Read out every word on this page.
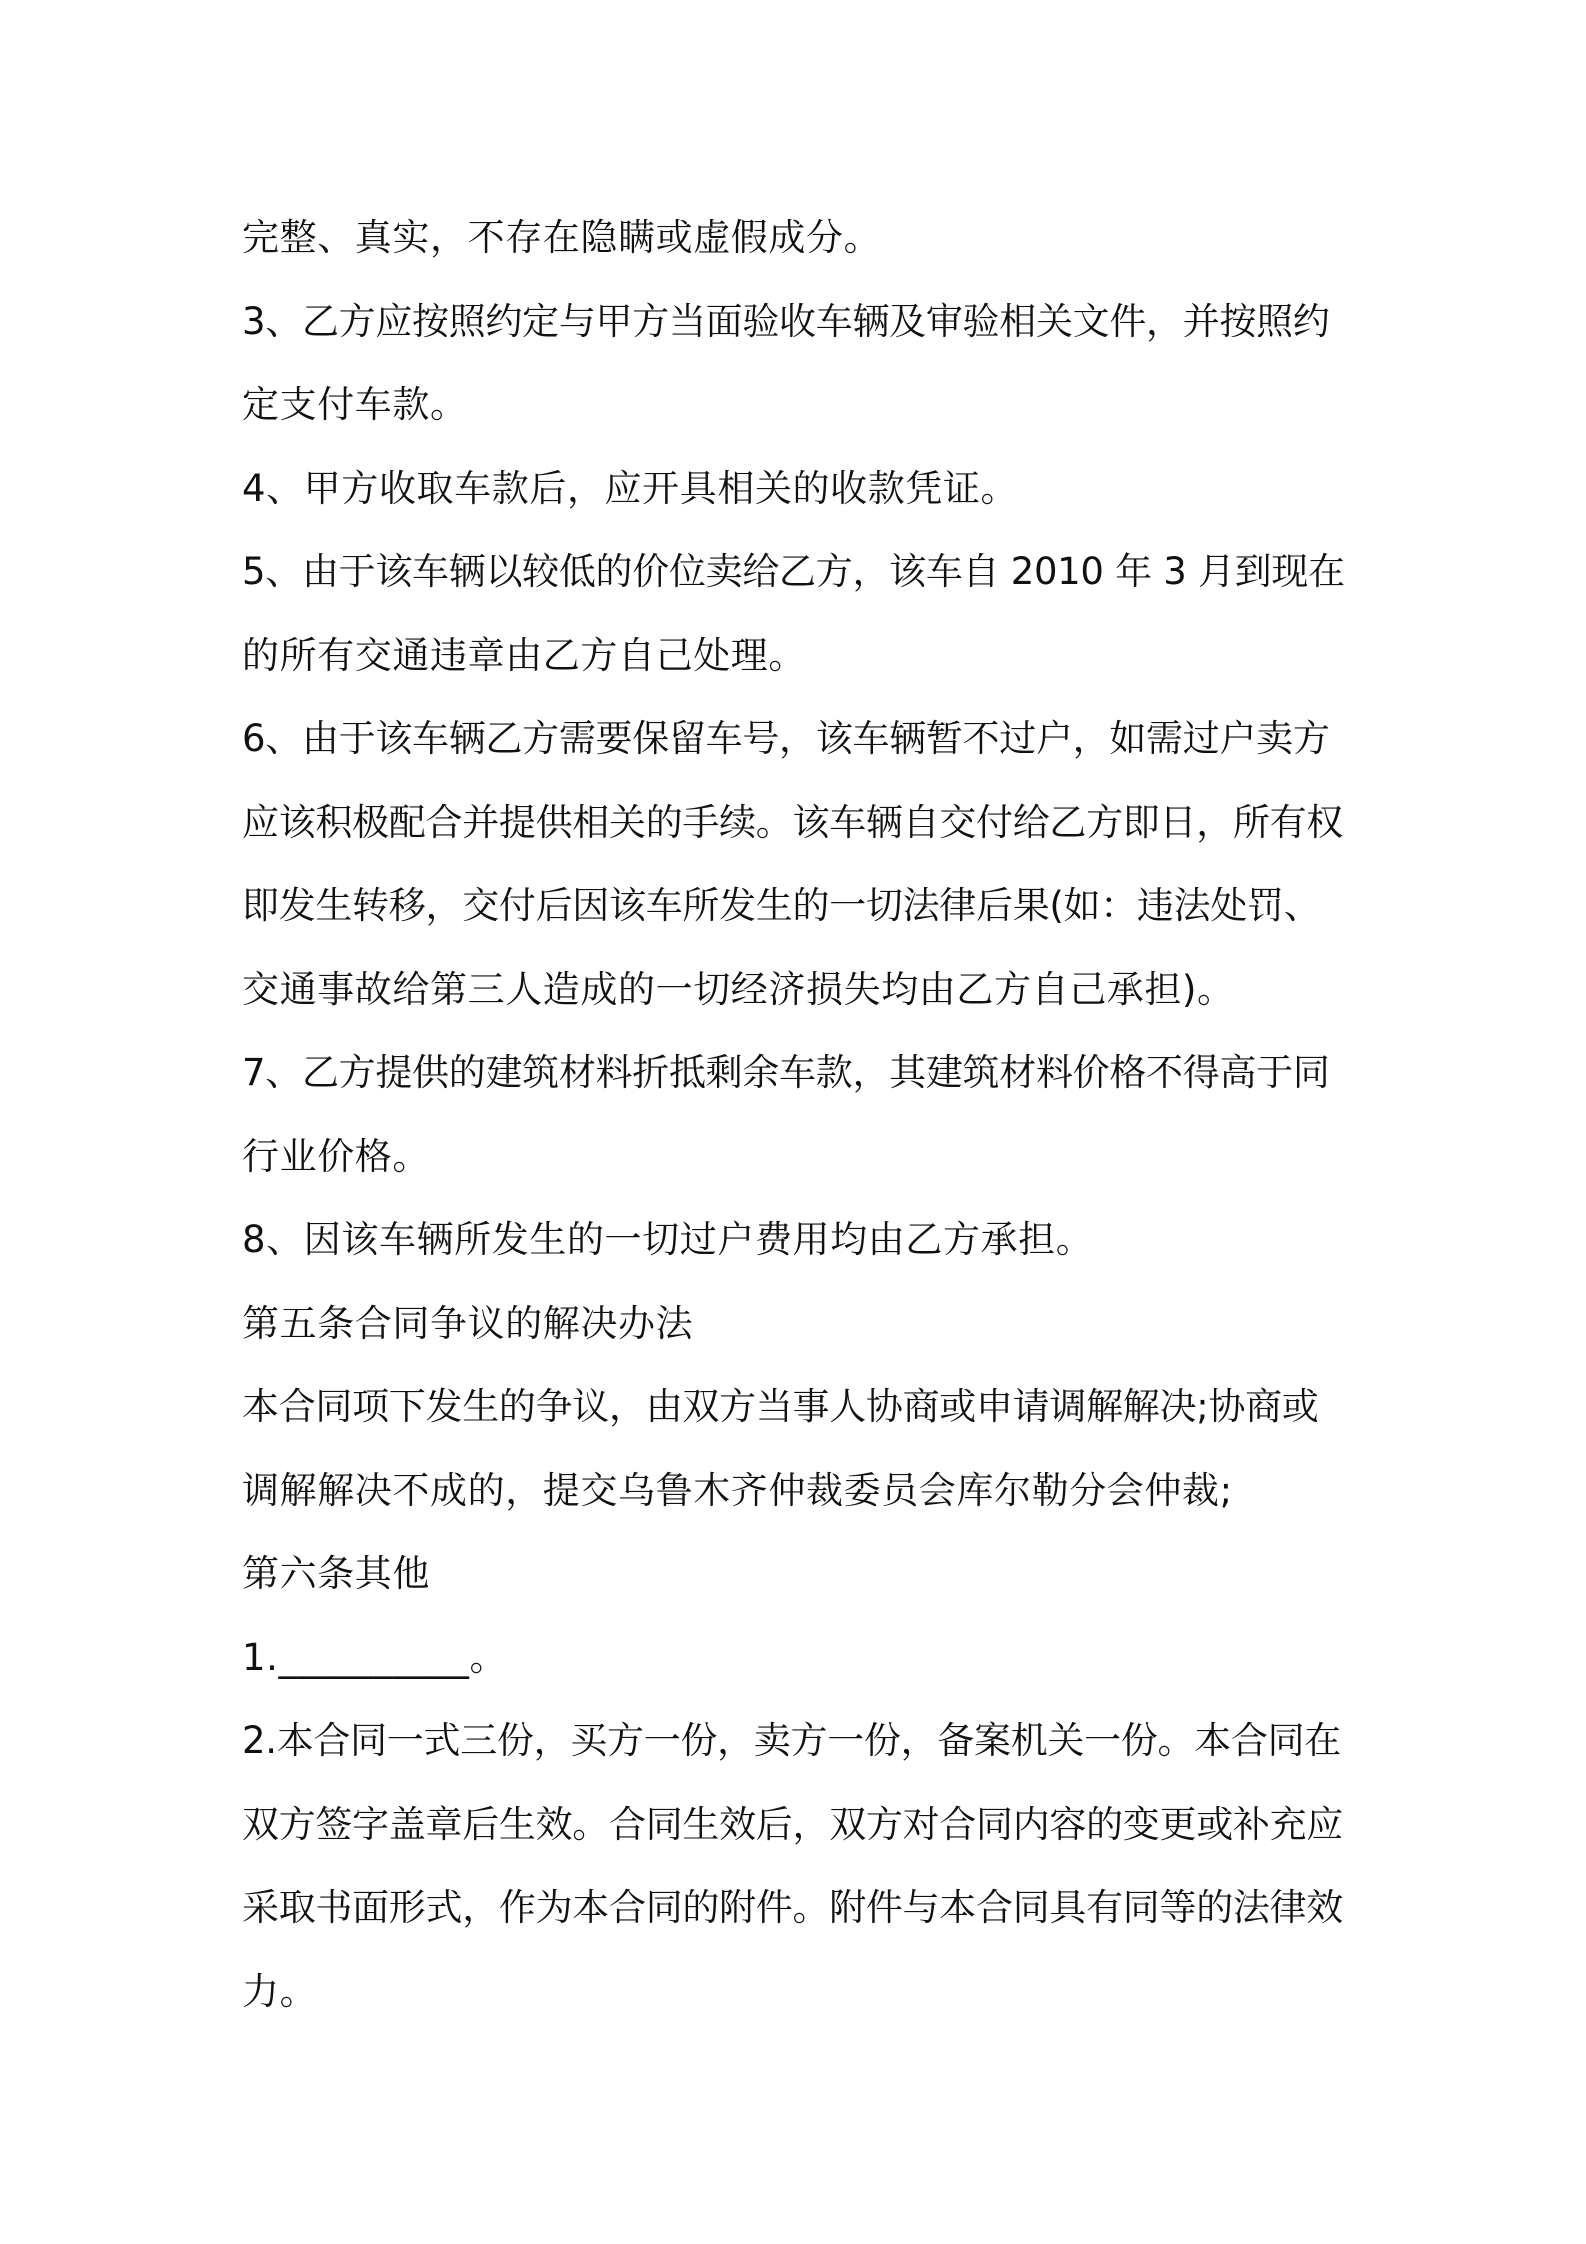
完整、真实，不存在隐瞒或虚假成分。

3、乙方应按照约定与甲方当面验收车辆及审验相关文件，并按照约

定支付车款。

4、甲方收取车款后，应开具相关的收款凭证。

5、由于该车辆以较低的价位卖给乙方，该车自 2010 年 3 月到现在

的所有交通违章由乙方自己处理。

6、由于该车辆乙方需要保留车号，该车辆暂不过户，如需过户卖方

应该积极配合并提供相关的手续。该车辆自交付给乙方即日，所有权

即发生转移，交付后因该车所发生的一切法律后果(如：违法处罚、

交通事故给第三人造成的一切经济损失均由乙方自己承担)。

7、乙方提供的建筑材料折抵剩余车款，其建筑材料价格不得高于同

行业价格。

8、因该车辆所发生的一切过户费用均由乙方承担。

第五条合同争议的解决办法

本合同项下发生的争议，由双方当事人协商或申请调解解决;协商或

调解解决不成的，提交乌鲁木齐仲裁委员会库尔勒分会仲裁;

第六条其他

1.__________。

2.本合同一式三份，买方一份，卖方一份，备案机关一份。本合同在

双方签字盖章后生效。合同生效后，双方对合同内容的变更或补充应

采取书面形式，作为本合同的附件。附件与本合同具有同等的法律效

力。
